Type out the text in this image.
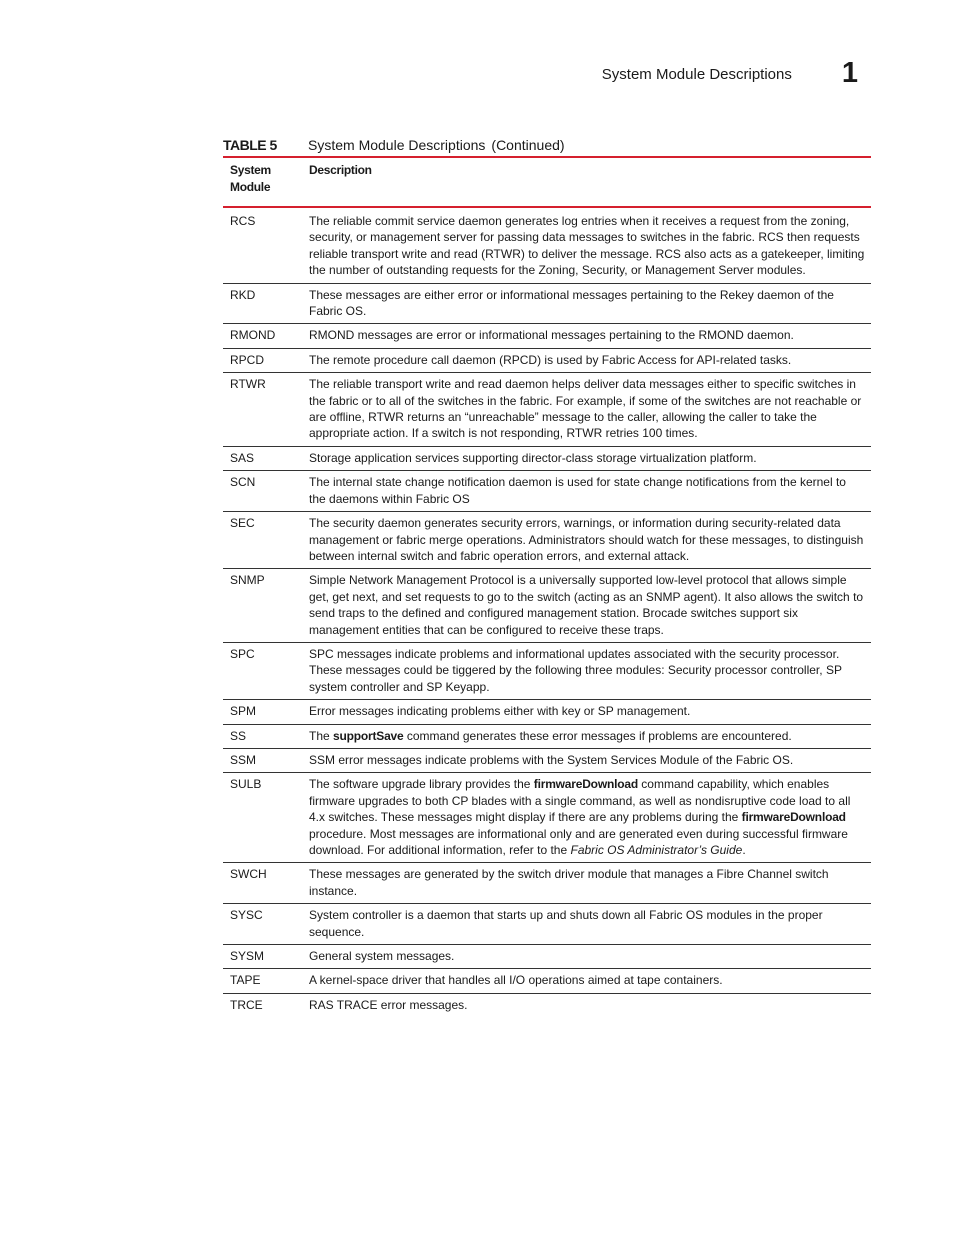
System Module Descriptions 1
TABLE 5	System Module Descriptions (Continued)
System Module	Description
RCS	The reliable commit service daemon generates log entries when it receives a request from the zoning, security, or management server for passing data messages to switches in the fabric. RCS then requests reliable transport write and read (RTWR) to deliver the message. RCS also acts as a gatekeeper, limiting the number of outstanding requests for the Zoning, Security, or Management Server modules.
RKD	These messages are either error or informational messages pertaining to the Rekey daemon of the Fabric OS.
RMOND	RMOND messages are error or informational messages pertaining to the RMOND daemon.
RPCD	The remote procedure call daemon (RPCD) is used by Fabric Access for API-related tasks.
RTWR	The reliable transport write and read daemon helps deliver data messages either to specific switches in the fabric or to all of the switches in the fabric. For example, if some of the switches are not reachable or are offline, RTWR returns an “unreachable” message to the caller, allowing the caller to take the appropriate action. If a switch is not responding, RTWR retries 100 times.
SAS	Storage application services supporting director-class storage virtualization platform.
SCN	The internal state change notification daemon is used for state change notifications from the kernel to the daemons within Fabric OS
SEC	The security daemon generates security errors, warnings, or information during security-related data management or fabric merge operations. Administrators should watch for these messages, to distinguish between internal switch and fabric operation errors, and external attack.
SNMP	Simple Network Management Protocol is a universally supported low-level protocol that allows simple get, get next, and set requests to go to the switch (acting as an SNMP agent). It also allows the switch to send traps to the defined and configured management station. Brocade switches support six management entities that can be configured to receive these traps.
SPC	SPC messages indicate problems and informational updates associated with the security processor. These messages could be tiggered by the following three modules: Security processor controller, SP system controller and SP Keyapp.
SPM	Error messages indicating problems either with key or SP management.
SS	The supportSave command generates these error messages if problems are encountered.
SSM	SSM error messages indicate problems with the System Services Module of the Fabric OS.
SULB	The software upgrade library provides the firmwareDownload command capability, which enables firmware upgrades to both CP blades with a single command, as well as nondisruptive code load to all 4.x switches. These messages might display if there are any problems during the firmwareDownload procedure. Most messages are informational only and are generated even during successful firmware download. For additional information, refer to the Fabric OS Administrator’s Guide.
SWCH	These messages are generated by the switch driver module that manages a Fibre Channel switch instance.
SYSC	System controller is a daemon that starts up and shuts down all Fabric OS modules in the proper sequence.
SYSM	General system messages.
TAPE	A kernel-space driver that handles all I/O operations aimed at tape containers.
TRCE	RAS TRACE error messages.
